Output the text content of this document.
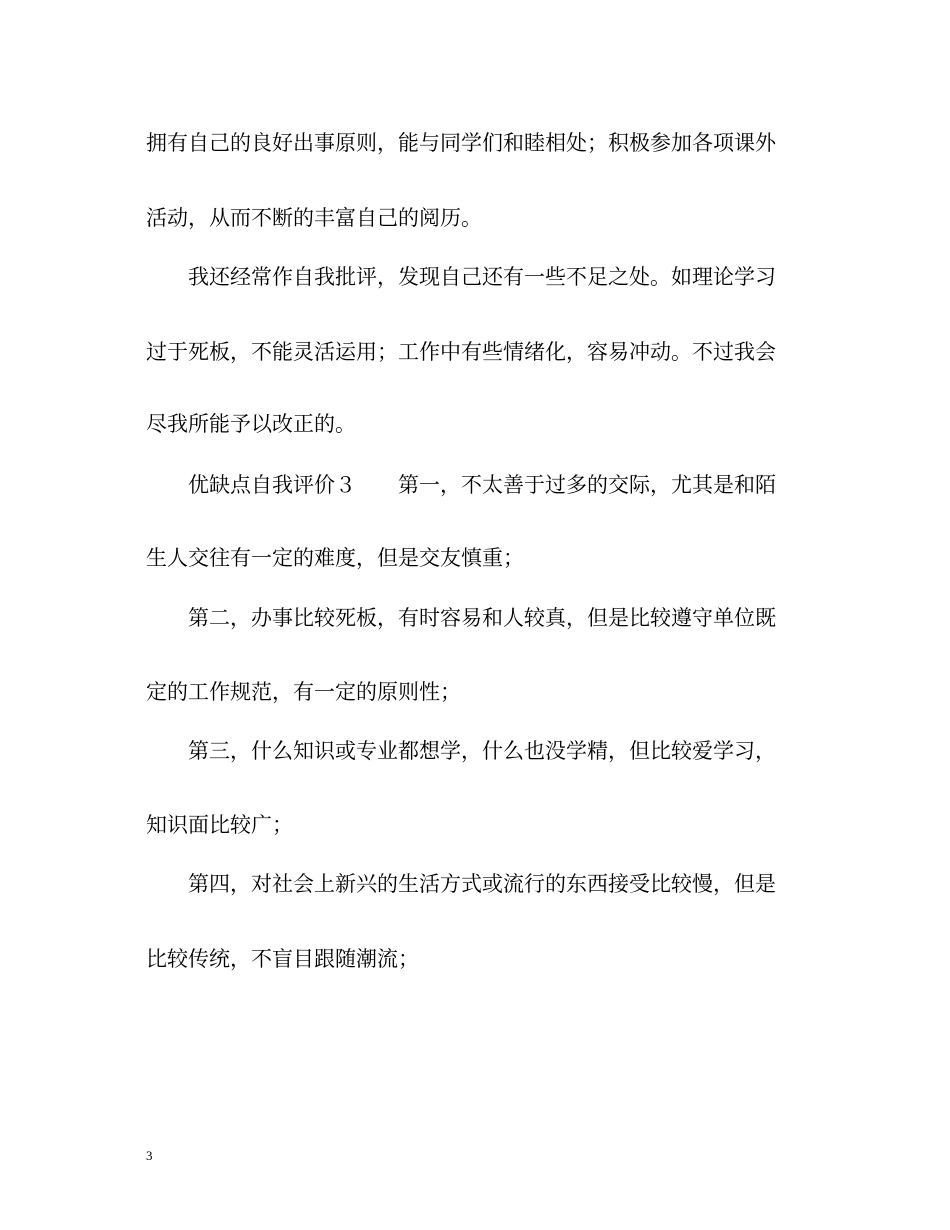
拥有自己的良好出事原则，能与同学们和睦相处；积极参加各项课外
活动，从而不断的丰富自己的阅历。
我还经常作自我批评，发现自己还有一些不足之处。如理论学习
过于死板，不能灵活运用；工作中有些情绪化，容易冲动。不过我会
尽我所能予以改正的。
优缺点自我评价３ 第一，不太善于过多的交际，尤其是和陌
生人交往有一定的难度，但是交友慎重；
第二，办事比较死板，有时容易和人较真，但是比较遵守单位既
定的工作规范，有一定的原则性；
第三，什么知识或专业都想学，什么也没学精，但比较爱学习，
知识面比较广；
第四，对社会上新兴的生活方式或流行的东西接受比较慢，但是
比较传统，不盲目跟随潮流；
3
